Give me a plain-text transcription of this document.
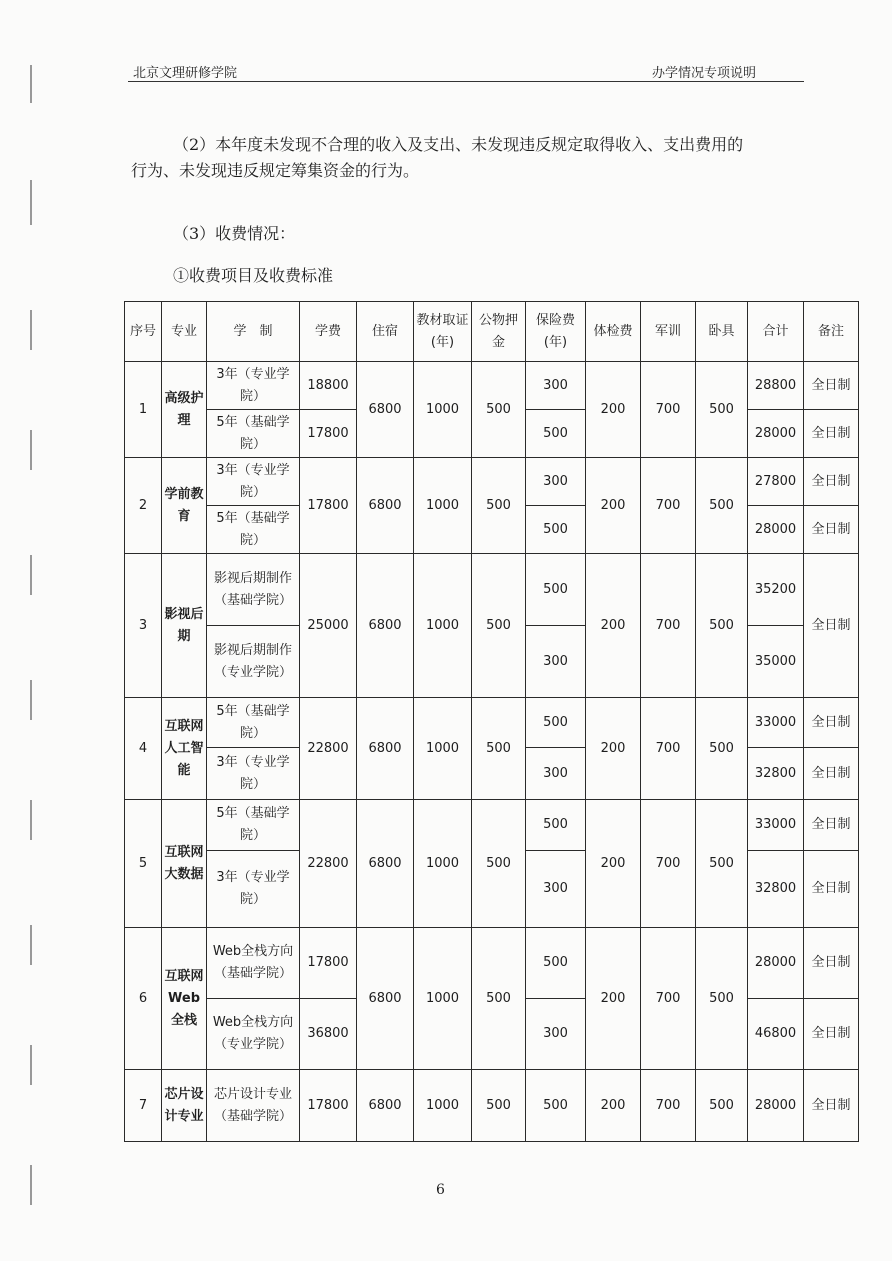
北京文理研修学院	办学情况专项说明
（2）本年度未发现不合理的收入及支出、未发现违反规定取得收入、支出费用的
行为、未发现违反规定筹集资金的行为。
（3）收费情况：
①收费项目及收费标准
序号	专业	学　制	学费	住宿	教材取证(年)	公物押金	保险费(年)	体检费	军训	卧具	合计	备注
1	高级护理	3年（专业学院）	18800	6800	1000	500	300	200	700	500	28800	全日制
		5年（基础学院）	17800				500				28000	全日制
2	学前教育	3年（专业学院）	17800	6800	1000	500	300	200	700	500	27800	全日制
		5年（基础学院）					500				28000	全日制
3	影视后期	影视后期制作（基础学院）	25000	6800	1000	500	500	200	700	500	35200	全日制
		影视后期制作（专业学院）					300				35000	
4	互联网人工智能	5年（基础学院）	22800	6800	1000	500	500	200	700	500	33000	全日制
		3年（专业学院）					300				32800	全日制
5	互联网大数据	5年（基础学院）	22800	6800	1000	500	500	200	700	500	33000	全日制
		3年（专业学院）					300				32800	全日制
6	互联网Web全栈	Web全栈方向（基础学院）	17800	6800	1000	500	500	200	700	500	28000	全日制
		Web全栈方向（专业学院）	36800				300				46800	全日制
7	芯片设计专业	芯片设计专业（基础学院）	17800	6800	1000	500	500	200	700	500	28000	全日制
6
